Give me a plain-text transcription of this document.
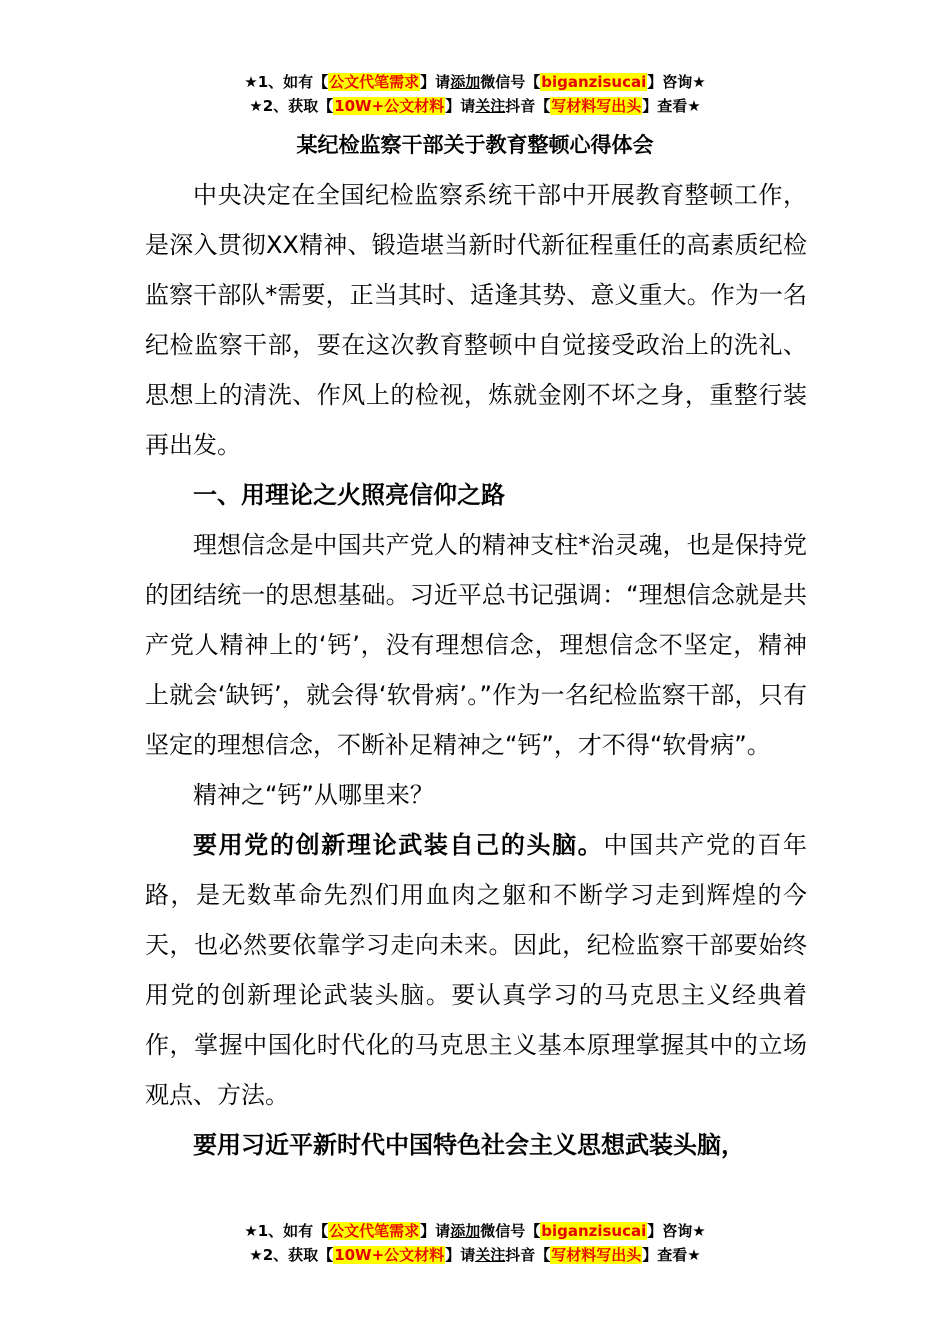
★1、如有【公文代笔需求】请添加微信号【biganzisucai】咨询★
★2、获取【10W+公文材料】请关注抖音【写材料写出头】查看★
某纪检监察干部关于教育整顿心得体会

中央决定在全国纪检监察系统干部中开展教育整顿工作，是深入贯彻XX精神、锻造堪当新时代新征程重任的高素质纪检监察干部队*需要，正当其时、适逢其势、意义重大。作为一名纪检监察干部，要在这次教育整顿中自觉接受政治上的洗礼、思想上的清洗、作风上的检视，炼就金刚不坏之身，重整行装再出发。

一、用理论之火照亮信仰之路

理想信念是中国共产党人的精神支柱*治灵魂，也是保持党的团结统一的思想基础。习近平总书记强调：“理想信念就是共产党人精神上的‘钙’，没有理想信念，理想信念不坚定，精神上就会‘缺钙’，就会得‘软骨病’。”作为一名纪检监察干部，只有坚定的理想信念，不断补足精神之“钙”，才不得“软骨病”。

精神之“钙”从哪里来？

要用党的创新理论武装自己的头脑。中国共产党的百年路，是无数革命先烈们用血肉之躯和不断学习走到辉煌的今天，也必然要依靠学习走向未来。因此，纪检监察干部要始终用党的创新理论武装头脑。要认真学习的马克思主义经典着作，掌握中国化时代化的马克思主义基本原理掌握其中的立场观点、方法。

要用习近平新时代中国特色社会主义思想武装头脑，

★1、如有【公文代笔需求】请添加微信号【biganzisucai】咨询★
★2、获取【10W+公文材料】请关注抖音【写材料写出头】查看★
